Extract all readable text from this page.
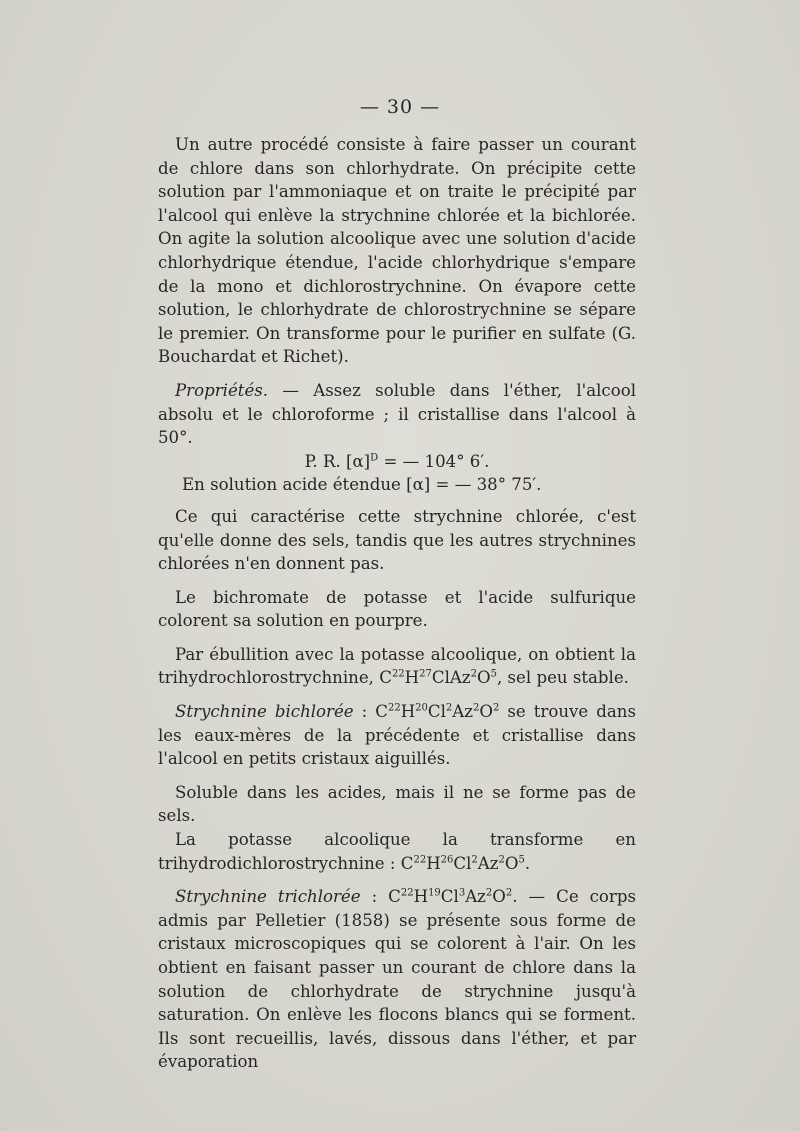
— 30 —

Un autre procédé consiste à faire passer un courant de chlore dans son chlorhydrate. On précipite cette solution par l'ammoniaque et on traite le précipité par l'alcool qui enlève la strychnine chlorée et la bichlorée. On agite la solution alcoolique avec une solution d'acide chlorhydrique étendue, l'acide chlorhydrique s'empare de la mono et dichlorostrychnine. On évapore cette solution, le chlorhydrate de chlorostrychnine se sépare le premier. On transforme pour le purifier en sulfate (G. Bouchardat et Richet).

Propriétés. — Assez soluble dans l'éther, l'alcool absolu et le chloroforme ; il cristallise dans l'alcool à 50°.

P. R. $[\alpha]^D$ = — 104° 6′.

En solution acide étendue [α] = — 38° 75′.

Ce qui caractérise cette strychnine chlorée, c'est qu'elle donne des sels, tandis que les autres strychnines chlorées n'en donnent pas.

Le bichromate de potasse et l'acide sulfurique colorent sa solution en pourpre.

Par ébullition avec la potasse alcoolique, on obtient la trihydrochlorostrychnine, $C^{22}H^{27}ClAz^2O^5$, sel peu stable.

Strychnine bichlorée : $C^{22}H^{20}Cl^2Az^2O^2$ se trouve dans les eaux-mères de la précédente et cristallise dans l'alcool en petits cristaux aiguillés.

Soluble dans les acides, mais il ne se forme pas de sels.

La potasse alcoolique la transforme en trihydrodichlorostrychnine : $C^{22}H^{26}Cl^2Az^2O^5$.

Strychnine trichlorée : $C^{22}H^{19}Cl^3Az^2O^2$. — Ce corps admis par Pelletier (1858) se présente sous forme de cristaux microscopiques qui se colorent à l'air. On les obtient en faisant passer un courant de chlore dans la solution de chlorhydrate de strychnine jusqu'à saturation. On enlève les flocons blancs qui se forment. Ils sont recueillis, lavés, dissous dans l'éther, et par évaporation
